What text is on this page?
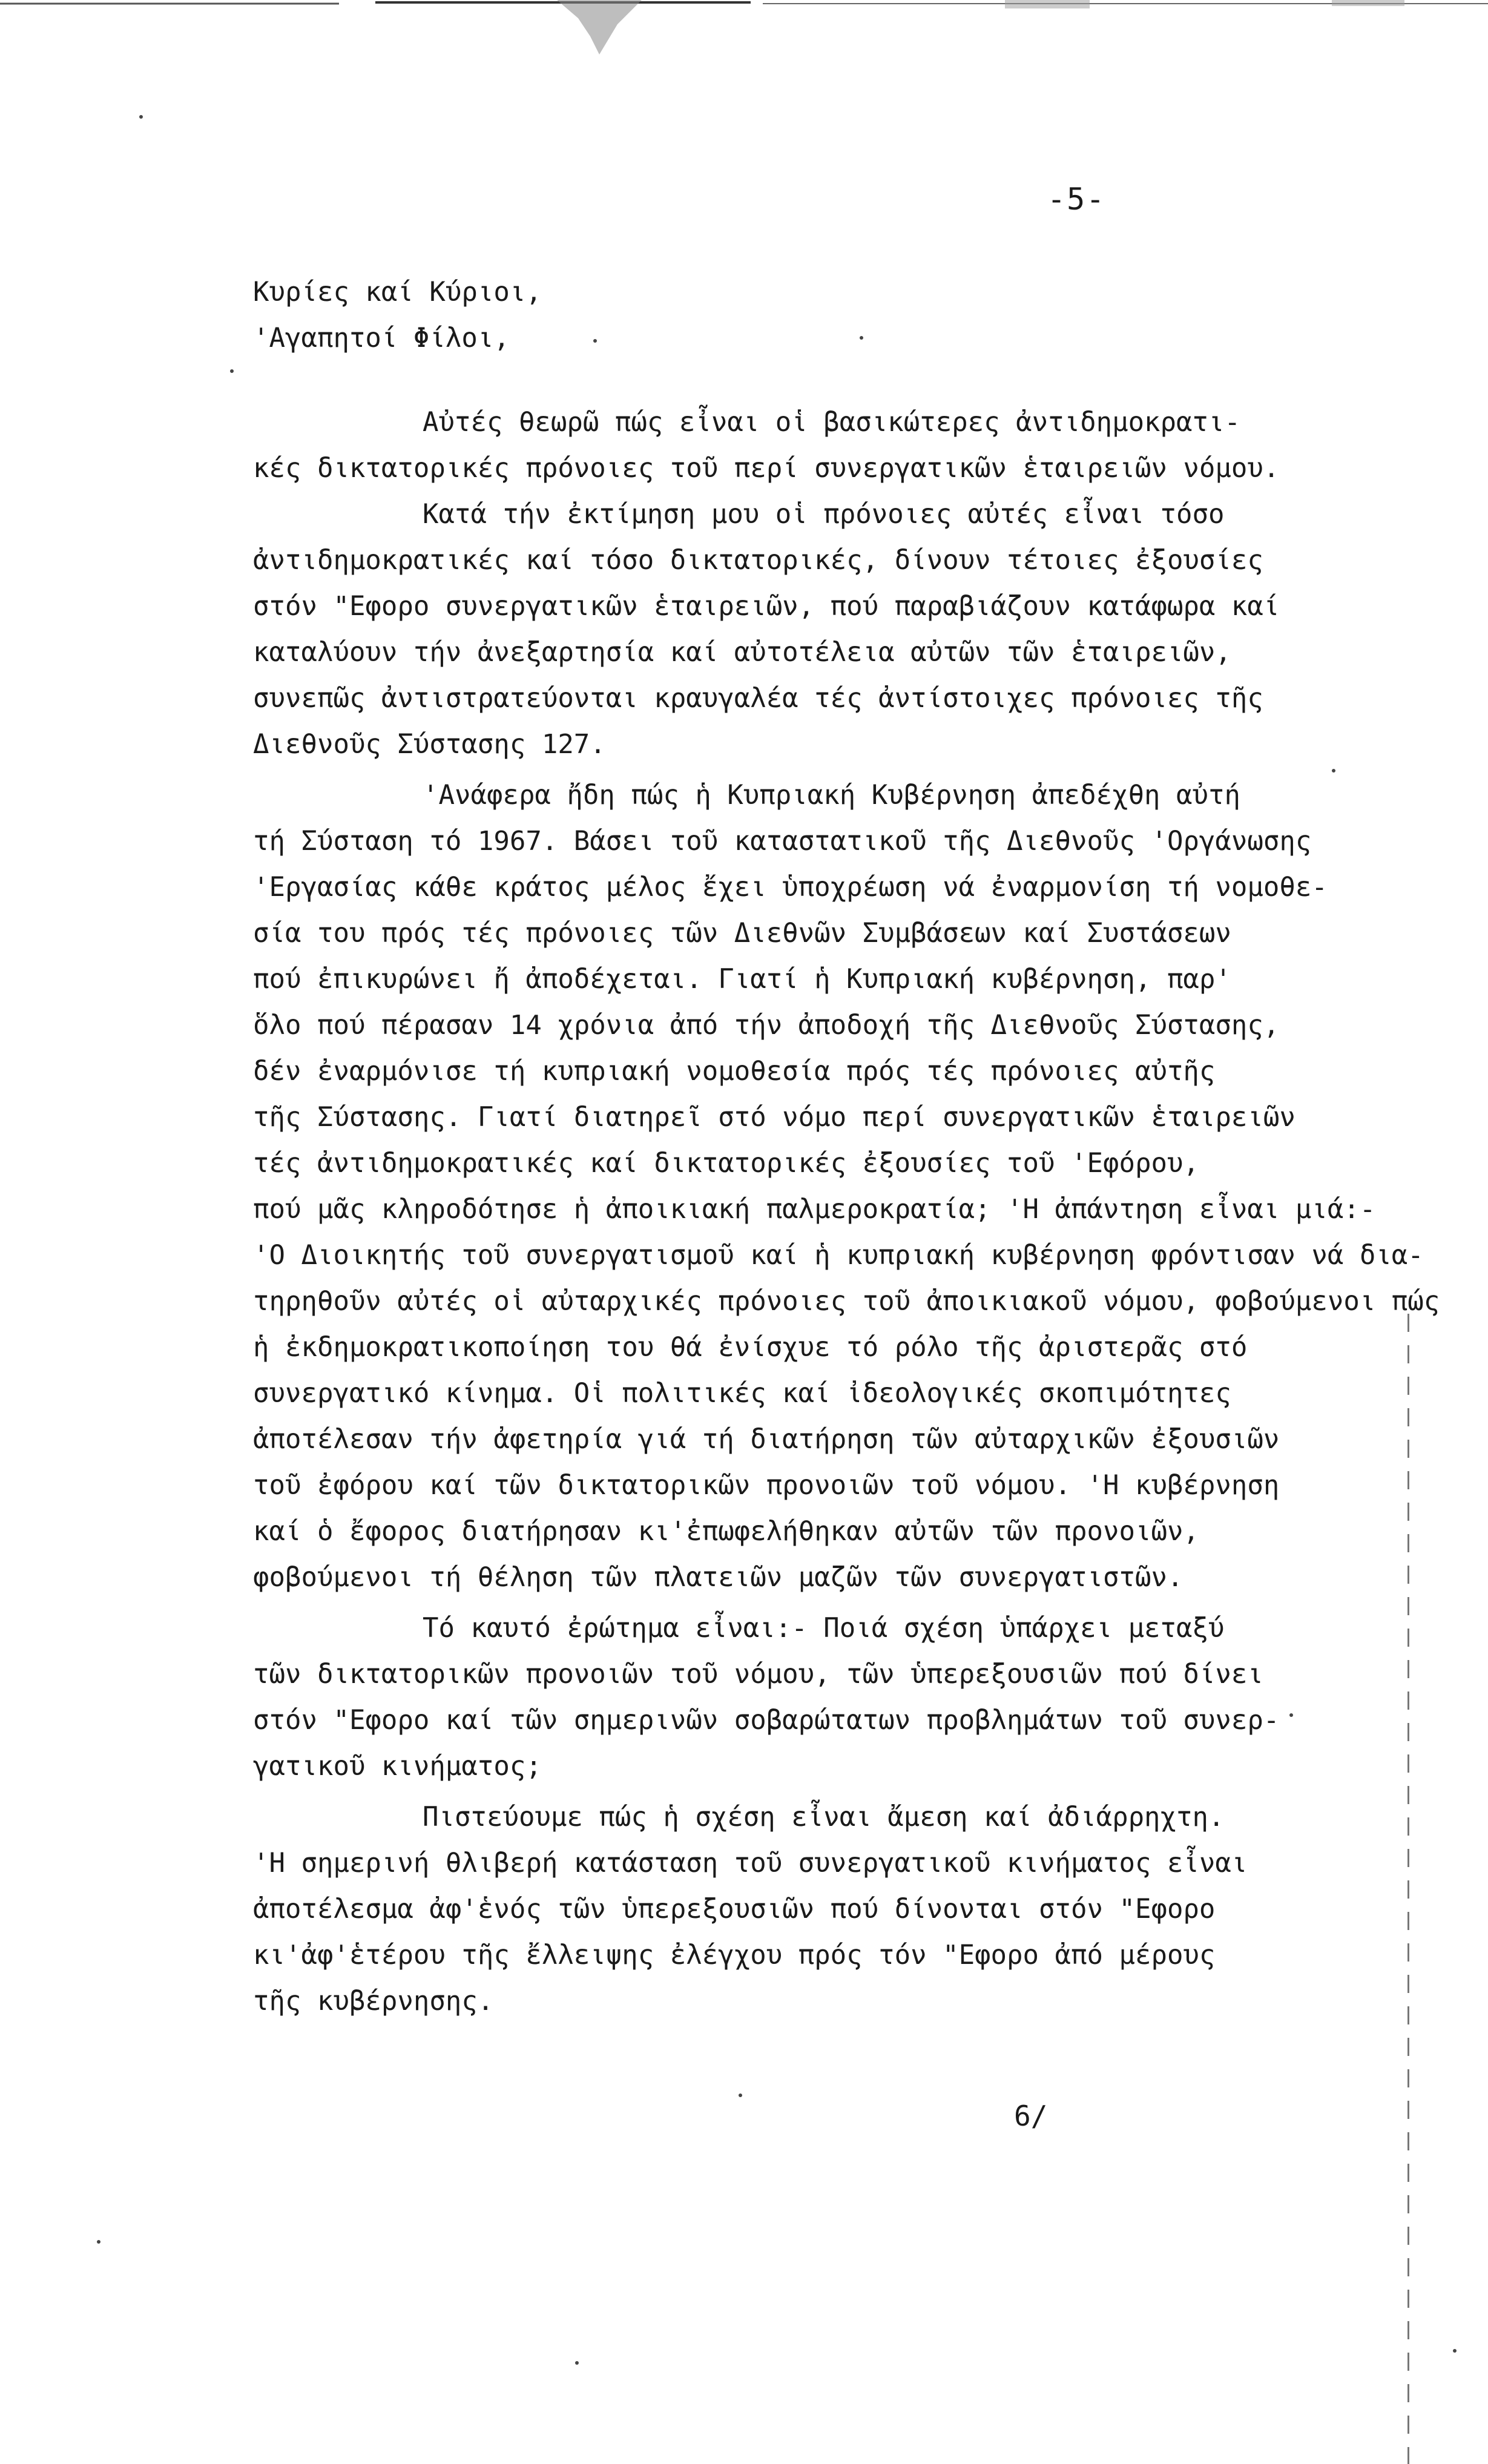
-5-
Κυρίες καί Κύριοι,
'Αγαπητοί Φίλοι,
Αὐτές θεωρῶ πώς εἶναι οἱ βασικώτερες ἀντιδημοκρατι-
κές δικτατορικές πρόνοιες τοῦ περί συνεργατικῶν ἑταιρειῶν νόμου.
Κατά τήν ἐκτίμηση μου οἱ πρόνοιες αὐτές εἶναι τόσο
ἀντιδημοκρατικές καί τόσο δικτατορικές, δίνουν τέτοιες ἐξουσίες
στόν "Εφορο συνεργατικῶν ἑταιρειῶν, πού παραβιάζουν κατάφωρα καί
καταλύουν τήν ἀνεξαρτησία καί αὐτοτέλεια αὐτῶν τῶν ἑταιρειῶν,
συνεπῶς ἀντιστρατεύονται κραυγαλέα τές ἀντίστοιχες πρόνοιες τῆς
Διεθνοῦς Σύστασης 127.
'Ανάφερα ἤδη πώς ἡ Κυπριακή Κυβέρνηση ἀπεδέχθη αὐτή
τή Σύσταση τό 1967. Βάσει τοῦ καταστατικοῦ τῆς Διεθνοῦς 'Οργάνωσης
'Εργασίας κάθε κράτος μέλος ἔχει ὑποχρέωση νά ἐναρμονίση τή νομοθε-
σία του πρός τές πρόνοιες τῶν Διεθνῶν Συμβάσεων καί Συστάσεων
πού ἐπικυρώνει ἤ ἀποδέχεται. Γιατί ἡ Κυπριακή κυβέρνηση, παρ'
ὅλο πού πέρασαν 14 χρόνια ἀπό τήν ἀποδοχή τῆς Διεθνοῦς Σύστασης,
δέν ἐναρμόνισε τή κυπριακή νομοθεσία πρός τές πρόνοιες αὐτῆς
τῆς Σύστασης. Γιατί διατηρεῖ στό νόμο περί συνεργατικῶν ἑταιρειῶν
τές ἀντιδημοκρατικές καί δικτατορικές ἐξουσίες τοῦ 'Εφόρου,
πού μᾶς κληροδότησε ἡ ἀποικιακή παλμεροκρατία; 'Η ἀπάντηση εἶναι μιά:-
'Ο Διοικητής τοῦ συνεργατισμοῦ καί ἡ κυπριακή κυβέρνηση φρόντισαν νά δια-
τηρηθοῦν αὐτές οἱ αὐταρχικές πρόνοιες τοῦ ἀποικιακοῦ νόμου, φοβούμενοι πώς
ἡ ἐκδημοκρατικοποίηση του θά ἐνίσχυε τό ρόλο τῆς ἀριστερᾶς στό
συνεργατικό κίνημα. Οἱ πολιτικές καί ἰδεολογικές σκοπιμότητες
ἀποτέλεσαν τήν ἀφετηρία γιά τή διατήρηση τῶν αὐταρχικῶν ἐξουσιῶν
τοῦ ἐφόρου καί τῶν δικτατορικῶν προνοιῶν τοῦ νόμου. 'Η κυβέρνηση
καί ὁ ἔφορος διατήρησαν κι'ἐπωφελήθηκαν αὐτῶν τῶν προνοιῶν,
φοβούμενοι τή θέληση τῶν πλατειῶν μαζῶν τῶν συνεργατιστῶν.
Τό καυτό ἐρώτημα εἶναι:- Ποιά σχέση ὑπάρχει μεταξύ
τῶν δικτατορικῶν προνοιῶν τοῦ νόμου, τῶν ὑπερεξουσιῶν πού δίνει
στόν "Εφορο καί τῶν σημερινῶν σοβαρώτατων προβλημάτων τοῦ συνερ-
γατικοῦ κινήματος;
Πιστεύουμε πώς ἡ σχέση εἶναι ἄμεση καί ἀδιάρρηχτη.
'Η σημερινή θλιβερή κατάσταση τοῦ συνεργατικοῦ κινήματος εἶναι
ἀποτέλεσμα ἀφ'ἑνός τῶν ὑπερεξουσιῶν πού δίνονται στόν "Εφορο
κι'ἀφ'ἑτέρου τῆς ἔλλειψης ἐλέγχου πρός τόν "Εφορο ἀπό μέρους
τῆς κυβέρνησης.
6/
